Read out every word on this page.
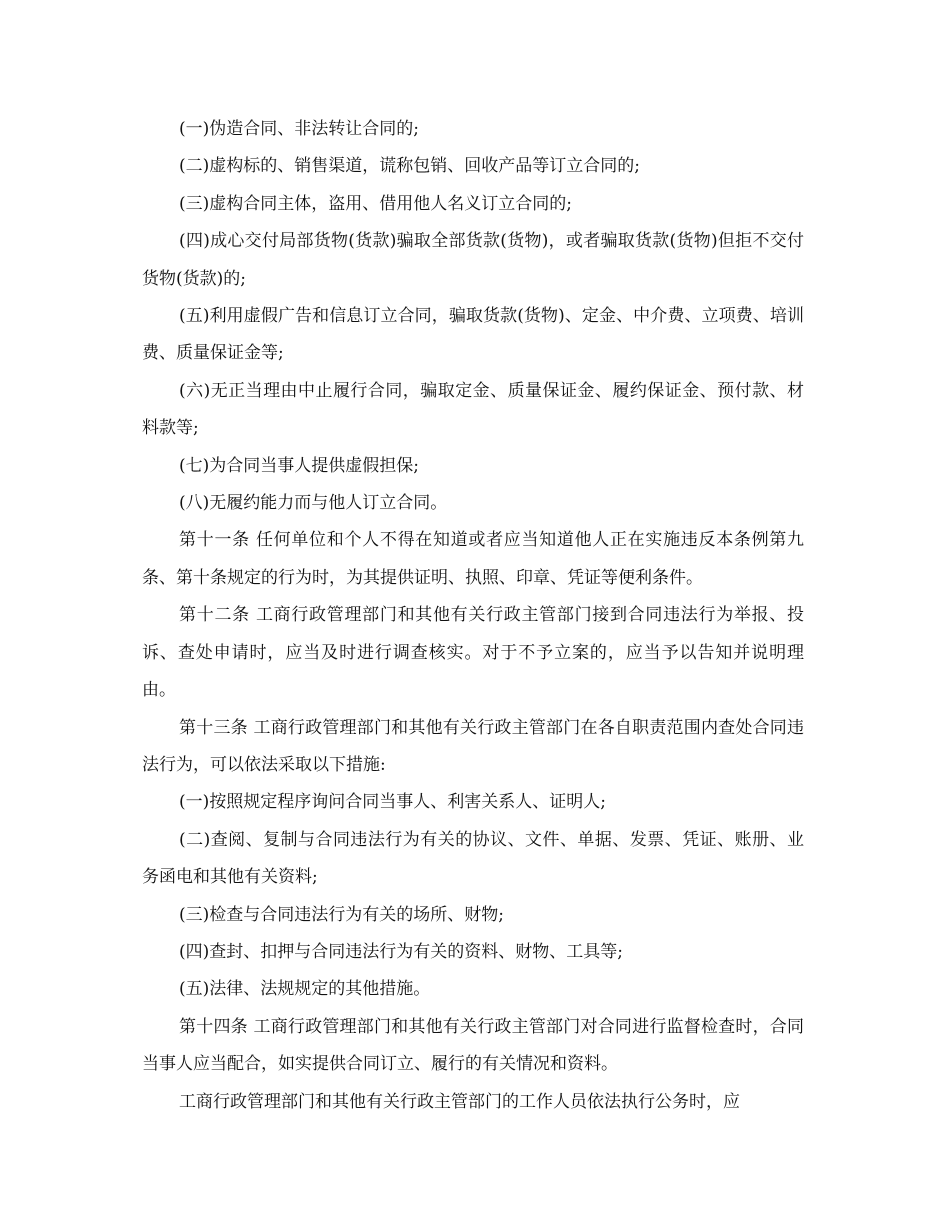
(一)伪造合同、非法转让合同的;

(二)虚构标的、销售渠道，谎称包销、回收产品等订立合同的;

(三)虚构合同主体，盗用、借用他人名义订立合同的;

(四)成心交付局部货物(货款)骗取全部货款(货物)，或者骗取货款(货物)但拒不交付货物(货款)的;

(五)利用虚假广告和信息订立合同，骗取货款(货物)、定金、中介费、立项费、培训费、质量保证金等;

(六)无正当理由中止履行合同，骗取定金、质量保证金、履约保证金、预付款、材料款等;

(七)为合同当事人提供虚假担保;

(八)无履约能力而与他人订立合同。

第十一条 任何单位和个人不得在知道或者应当知道他人正在实施违反本条例第九条、第十条规定的行为时，为其提供证明、执照、印章、凭证等便利条件。

第十二条 工商行政管理部门和其他有关行政主管部门接到合同违法行为举报、投诉、查处申请时，应当及时进行调查核实。对于不予立案的，应当予以告知并说明理由。

第十三条 工商行政管理部门和其他有关行政主管部门在各自职责范围内查处合同违法行为，可以依法采取以下措施:

(一)按照规定程序询问合同当事人、利害关系人、证明人;

(二)查阅、复制与合同违法行为有关的协议、文件、单据、发票、凭证、账册、业务函电和其他有关资料;

(三)检查与合同违法行为有关的场所、财物;

(四)查封、扣押与合同违法行为有关的资料、财物、工具等;

(五)法律、法规规定的其他措施。

第十四条 工商行政管理部门和其他有关行政主管部门对合同进行监督检查时，合同当事人应当配合，如实提供合同订立、履行的有关情况和资料。

工商行政管理部门和其他有关行政主管部门的工作人员依法执行公务时，应
